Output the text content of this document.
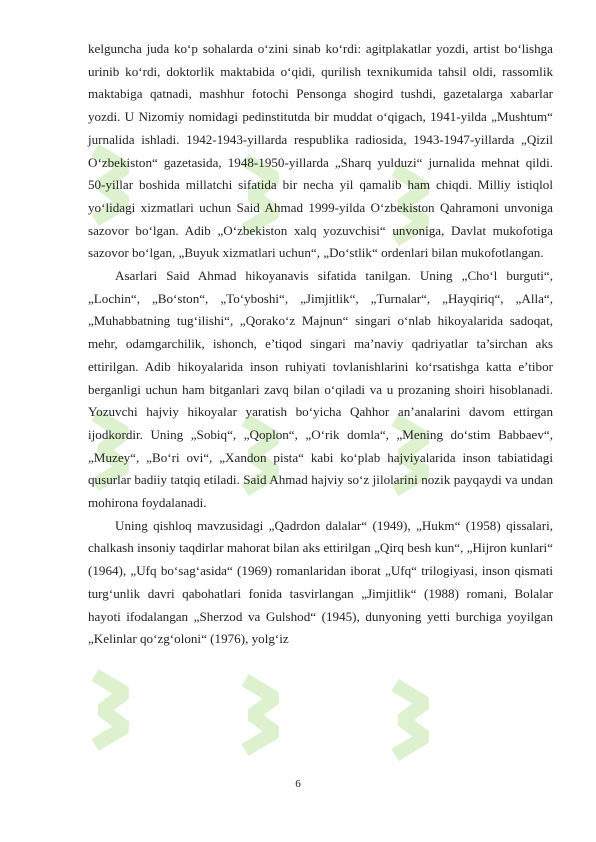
kelguncha juda ko‘p sohalarda o‘zini sinab ko‘rdi: agitplakatlar yozdi, artist bo‘lishga urinib ko‘rdi, doktorlik maktabida o‘qidi, qurilish texnikumida tahsil oldi, rassomlik maktabiga qatnadi, mashhur fotochi Pensonga shogird tushdi, gazetalarga xabarlar yozdi. U Nizomiy nomidagi pedinstitutda bir muddat o‘qigach, 1941-yilda „Mushtum“ jurnalida ishladi. 1942-1943-yillarda respublika radiosida, 1943-1947-yillarda „Qizil O‘zbekiston“ gazetasida, 1948-1950-yillarda „Sharq yulduzi“ jurnalida mehnat qildi. 50-yillar boshida millatchi sifatida bir necha yil qamalib ham chiqdi. Milliy istiqlol yo‘lidagi xizmatlari uchun Said Ahmad 1999-yilda O‘zbekiston Qahramoni unvoniga sazovor bo‘lgan. Adib „O‘zbekiston xalq yozuvchisi“ unvoniga, Davlat mukofotiga sazovor bo‘lgan, „Buyuk xizmatlari uchun“, „Do‘stlik“ ordenlari bilan mukofotlangan.

Asarlari Said Ahmad hikoyanavis sifatida tanilgan. Uning „Cho‘l burguti“, „Lochin“, „Bo‘ston“, „To‘yboshi“, „Jimjitlik“, „Turnalar“, „Hayqiriq“, „Alla“, „Muhabbatning tug‘ilishi“, „Qorako‘z Majnun“ singari o‘nlab hikoyalarida sadoqat, mehr, odamgarchilik, ishonch, e’tiqod singari ma’naviy qadriyatlar ta’sirchan aks ettirilgan. Adib hikoyalarida inson ruhiyati tovlanishlarini ko‘rsatishga katta e’tibor berganligi uchun ham bitganlari zavq bilan o‘qiladi va u prozaning shoiri hisoblanadi. Yozuvchi hajviy hikoyalar yaratish bo‘yicha Qahhor an’analarini davom ettirgan ijodkordir. Uning „Sobiq“, „Qoplon“, „O‘rik domla“, „Mening do‘stim Babbaev“, „Muzey“, „Bo‘ri ovi“, „Xandon pista“ kabi ko‘plab hajviyalarida inson tabiatidagi qusurlar badiiy tatqiq etiladi. Said Ahmad hajviy so‘z jilolarini nozik payqaydi va undan mohirona foydalanadi.

Uning qishloq mavzusidagi „Qadrdon dalalar“ (1949), „Hukm“ (1958) qissalari, chalkash insoniy taqdirlar mahorat bilan aks ettirilgan „Qirq besh kun“, „Hijron kunlari“ (1964), „Ufq bo‘sag‘asida“ (1969) romanlaridan iborat „Ufq“ trilogiyasi, inson qismati turg‘unlik davri qabohatlari fonida tasvirlangan „Jimjitlik“ (1988) romani, Bolalar hayoti ifodalangan „Sherzod va Gulshod“ (1945), dunyoning yetti burchiga yoyilgan „Kelinlar qo‘zg‘oloni“ (1976), yolg‘iz

6
